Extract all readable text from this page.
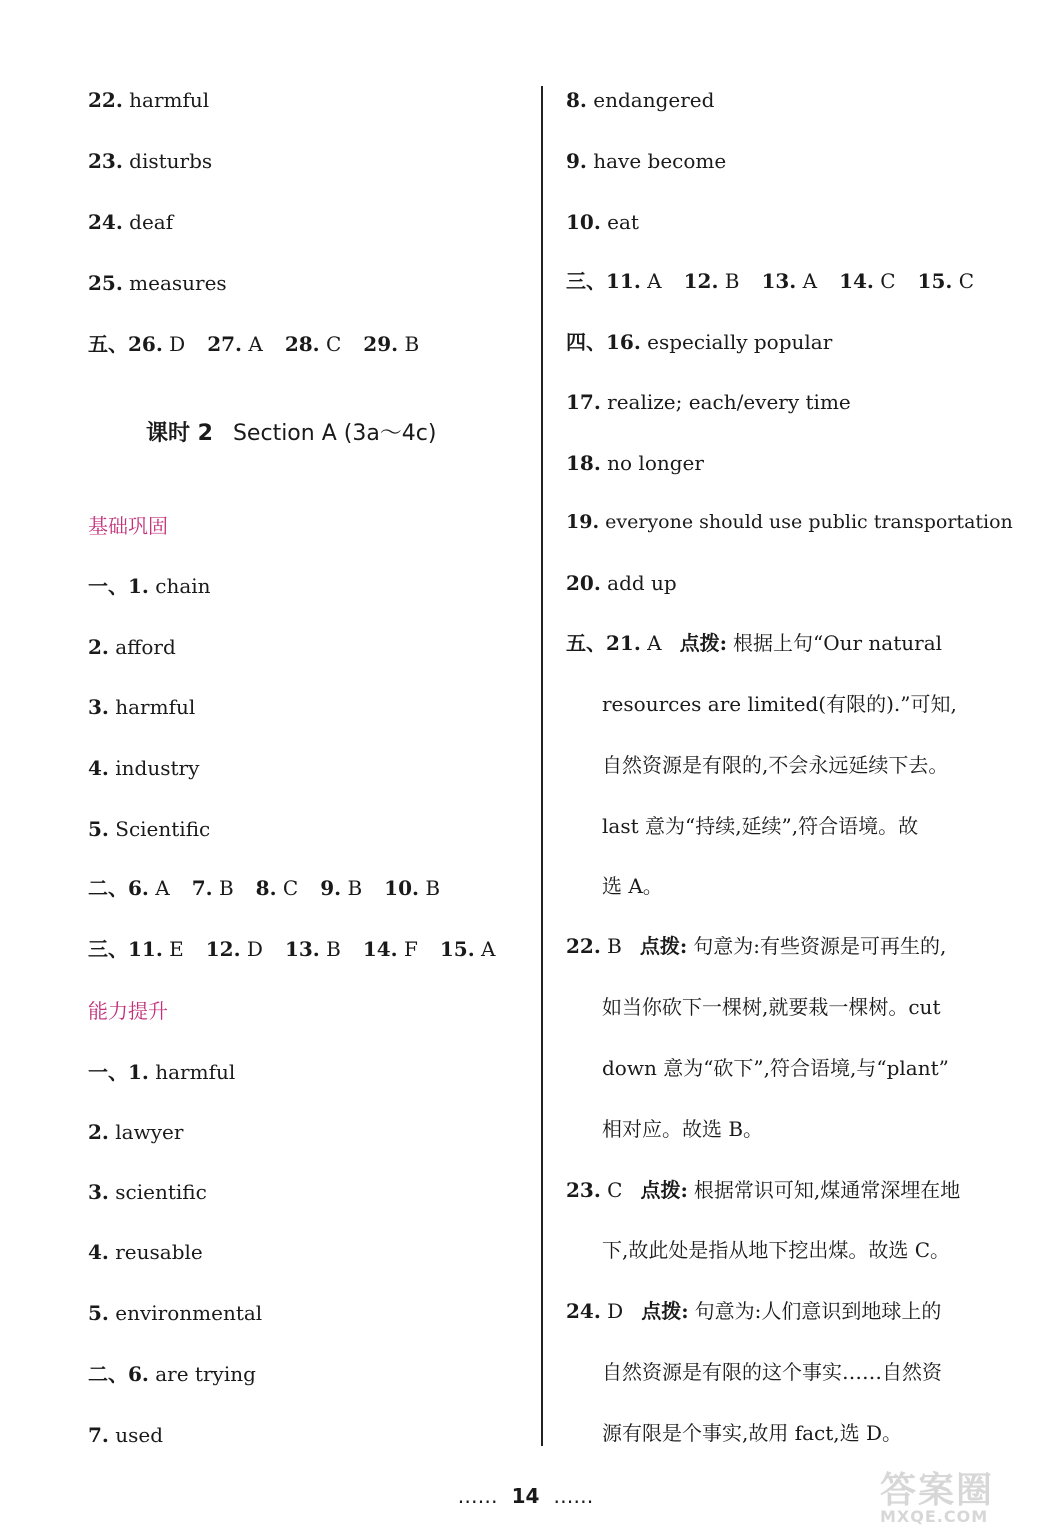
22. harmful
23. disturbs
24. deaf
25. measures
五、26. D 27. A 28. C 29. B
课时 2 Section A (3a～4c)
基础巩固
一、1. chain
2. afford
3. harmful
4. industry
5. Scientific
二、6. A 7. B 8. C 9. B 10. B
三、11. E 12. D 13. B 14. F 15. A
能力提升
一、1. harmful
2. lawyer
3. scientific
4. reusable
5. environmental
二、6. are trying
7. used
8. endangered
9. have become
10. eat
三、11. A 12. B 13. A 14. C 15. C
四、16. especially popular
17. realize; each/every time
18. no longer
19. everyone should use public transportation
20. add up
五、21. A 点拨: 根据上句“Our natural
resources are limited(有限的).”可知,
自然资源是有限的,不会永远延续下去。
last 意为“持续,延续”,符合语境。故
选 A。
22. B 点拨: 句意为:有些资源是可再生的,
如当你砍下一棵树,就要栽一棵树。cut
down 意为“砍下”,符合语境,与“plant”
相对应。故选 B。
23. C 点拨: 根据常识可知,煤通常深埋在地
下,故此处是指从地下挖出煤。故选 C。
24. D 点拨: 句意为:人们意识到地球上的
自然资源是有限的这个事实……自然资
源有限是个事实,故用 fact,选 D。
…… 14 ……	答案圈
MXQE.COM
